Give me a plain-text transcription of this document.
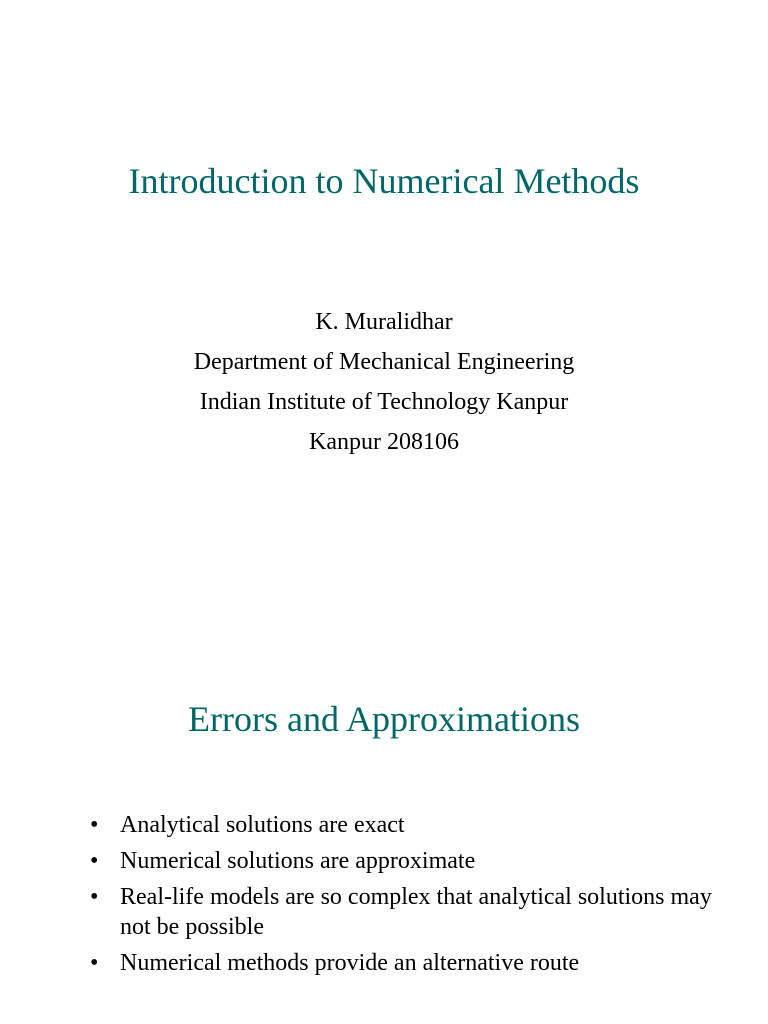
Introduction to Numerical Methods
K. Muralidhar
Department of Mechanical Engineering
Indian Institute of Technology Kanpur
Kanpur 208106
Errors and Approximations
• Analytical solutions are exact
• Numerical solutions are approximate
• Real-life models are so complex that analytical solutions may not be possible
• Numerical methods provide an alternative route
